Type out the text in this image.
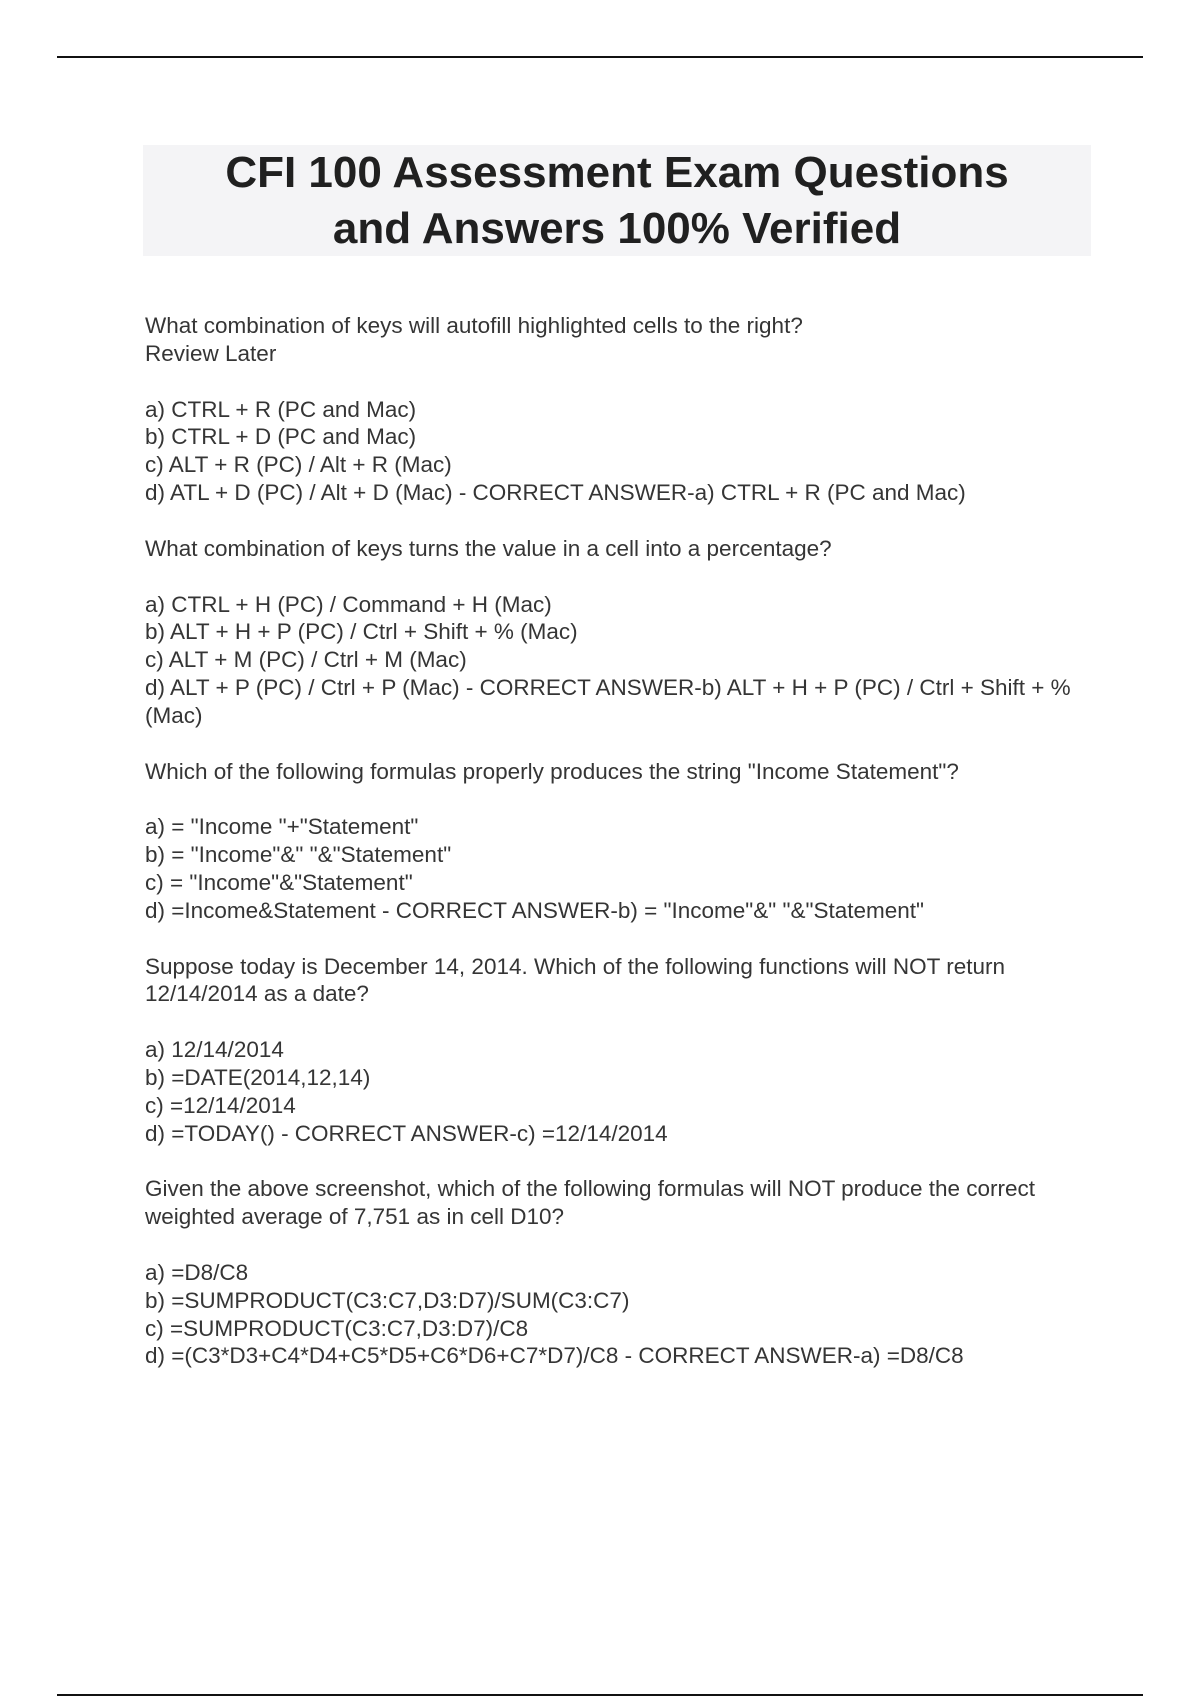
CFI 100 Assessment Exam Questions
and Answers 100% Verified
What combination of keys will autofill highlighted cells to the right?
Review Later
a) CTRL + R (PC and Mac)
b) CTRL + D (PC and Mac)
c) ALT + R (PC) / Alt + R (Mac)
d) ATL + D (PC) / Alt + D (Mac) - CORRECT ANSWER-a) CTRL + R (PC and Mac)
What combination of keys turns the value in a cell into a percentage?
a) CTRL + H (PC) / Command + H (Mac)
b) ALT + H + P (PC) / Ctrl + Shift + % (Mac)
c) ALT + M (PC) / Ctrl + M (Mac)
d) ALT + P (PC) / Ctrl + P (Mac) - CORRECT ANSWER-b) ALT + H + P (PC) / Ctrl + Shift + % (Mac)
Which of the following formulas properly produces the string "Income Statement"?
a) = "Income "+"Statement"
b) = "Income"&" "&"Statement"
c) = "Income"&"Statement"
d) =Income&Statement - CORRECT ANSWER-b) = "Income"&" "&"Statement"
Suppose today is December 14, 2014. Which of the following functions will NOT return 12/14/2014 as a date?
a) 12/14/2014
b) =DATE(2014,12,14)
c) =12/14/2014
d) =TODAY() - CORRECT ANSWER-c) =12/14/2014
Given the above screenshot, which of the following formulas will NOT produce the correct weighted average of 7,751 as in cell D10?
a) =D8/C8
b) =SUMPRODUCT(C3:C7,D3:D7)/SUM(C3:C7)
c) =SUMPRODUCT(C3:C7,D3:D7)/C8
d) =(C3*D3+C4*D4+C5*D5+C6*D6+C7*D7)/C8 - CORRECT ANSWER-a) =D8/C8
